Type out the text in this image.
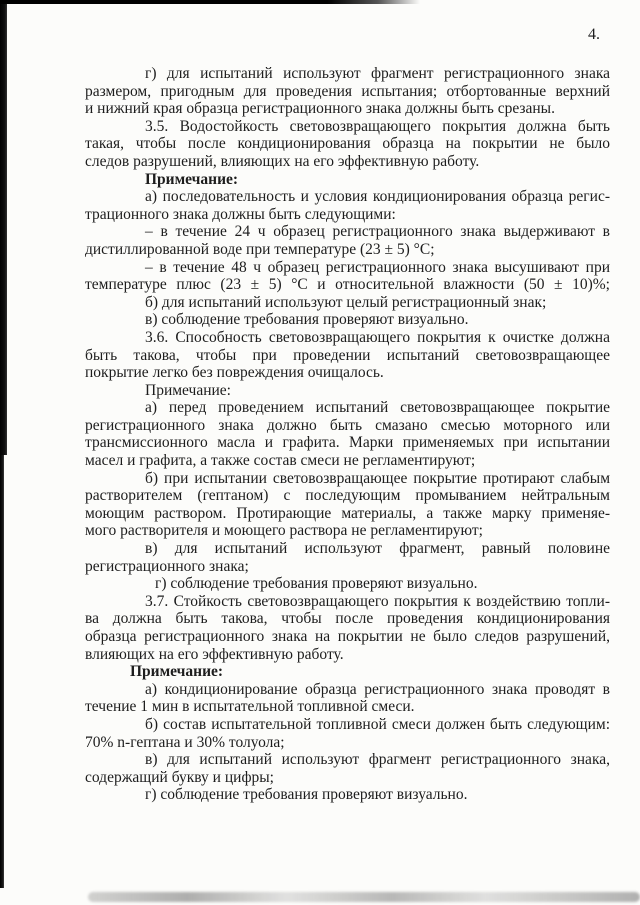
4.
г) для испытаний используют фрагмент регистрационного знака
размером, пригодным для проведения испытания; отбортованные верхний
и нижний края образца регистрационного знака должны быть срезаны.
3.5. Водостойкость световозвращающего покрытия должна быть
такая, чтобы после кондиционирования образца на покрытии не было
следов разрушений, влияющих на его эффективную работу.
Примечание:
а) последовательность и условия кондиционирования образца регис-
трационного знака должны быть следующими:
– в течение 24 ч образец регистрационного знака выдерживают в
дистиллированной воде при температуре (23 ± 5) °С;
– в течение 48 ч образец регистрационного знака высушивают при
температуре плюс (23 ± 5) °С и относительной влажности (50 ± 10)%;
б) для испытаний используют целый регистрационный знак;
в) соблюдение требования проверяют визуально.
3.6. Способность световозвращающего покрытия к очистке должна
быть такова, чтобы при проведении испытаний световозвращающее
покрытие легко без повреждения очищалось.
Примечание:
а) перед проведением испытаний световозвращающее покрытие
регистрационного знака должно быть смазано смесью моторного или
трансмиссионного масла и графита. Марки применяемых при испытании
масел и графита, а также состав смеси не регламентируют;
б) при испытании световозвращающее покрытие протирают слабым
растворителем (гептаном) с последующим промыванием нейтральным
моющим раствором. Протирающие материалы, а также марку применяе-
мого растворителя и моющего раствора не регламентируют;
в) для испытаний используют фрагмент, равный половине
регистрационного знака;
г) соблюдение требования проверяют визуально.
3.7. Стойкость световозвращающего покрытия к воздействию топли-
ва должна быть такова, чтобы после проведения кондиционирования
образца регистрационного знака на покрытии не было следов разрушений,
влияющих на его эффективную работу.
Примечание:
а) кондиционирование образца регистрационного знака проводят в
течение 1 мин в испытательной топливной смеси.
б) состав испытательной топливной смеси должен быть следующим:
70% n-гептана и 30% толуола;
в) для испытаний используют фрагмент регистрационного знака,
содержащий букву и цифры;
г) соблюдение требования проверяют визуально.
